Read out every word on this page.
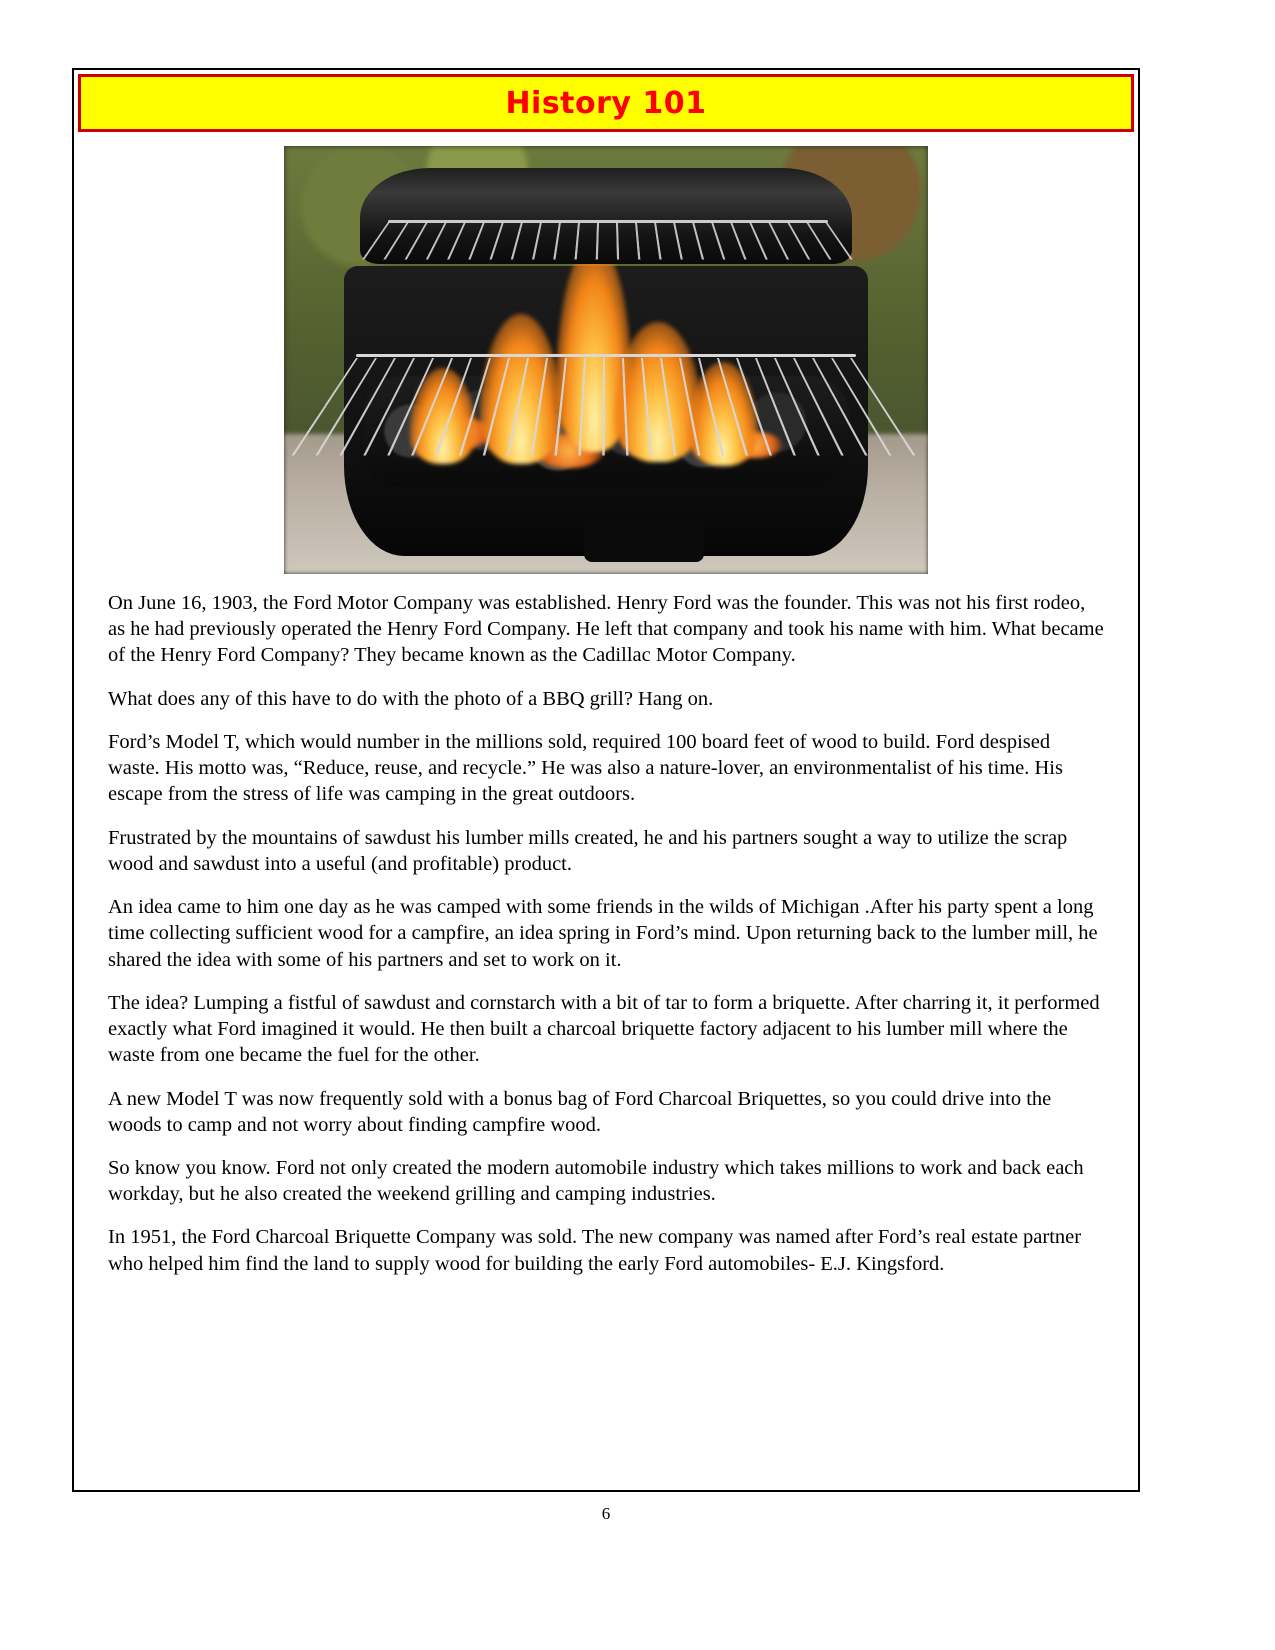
History 101

On June 16, 1903, the Ford Motor Company was established. Henry Ford was the founder. This was not his first rodeo, as he had previously operated the Henry Ford Company. He left that company and took his name with him. What became of the Henry Ford Company? They became known as the Cadillac Motor Company.

What does any of this have to do with the photo of a BBQ grill? Hang on.

Ford’s Model T, which would number in the millions sold, required 100 board feet of wood to build. Ford despised waste. His motto was, “Reduce, reuse, and recycle.” He was also a nature-lover, an environmentalist of his time. His escape from the stress of life was camping in the great outdoors.

Frustrated by the mountains of sawdust his lumber mills created, he and his partners sought a way to utilize the scrap wood and sawdust into a useful (and profitable) product.

An idea came to him one day as he was camped with some friends in the wilds of Michigan .After his party spent a long time collecting sufficient wood for a campfire, an idea spring in Ford’s mind. Upon returning back to the lumber mill, he shared the idea with some of his partners and set to work on it.

The idea? Lumping a fistful of sawdust and cornstarch with a bit of tar to form a briquette. After charring it, it performed exactly what Ford imagined it would. He then built a charcoal briquette factory adjacent to his lumber mill where the waste from one became the fuel for the other.

A new Model T was now frequently sold with a bonus bag of Ford Charcoal Briquettes, so you could drive into the woods to camp and not worry about finding campfire wood.

So know you know. Ford not only created the modern automobile industry which takes millions to work and back each workday, but he also created the weekend grilling and camping industries.

In 1951, the Ford Charcoal Briquette Company was sold. The new company was named after Ford’s real estate partner who helped him find the land to supply wood for building the early Ford automobiles- E.J. Kingsford.

6
